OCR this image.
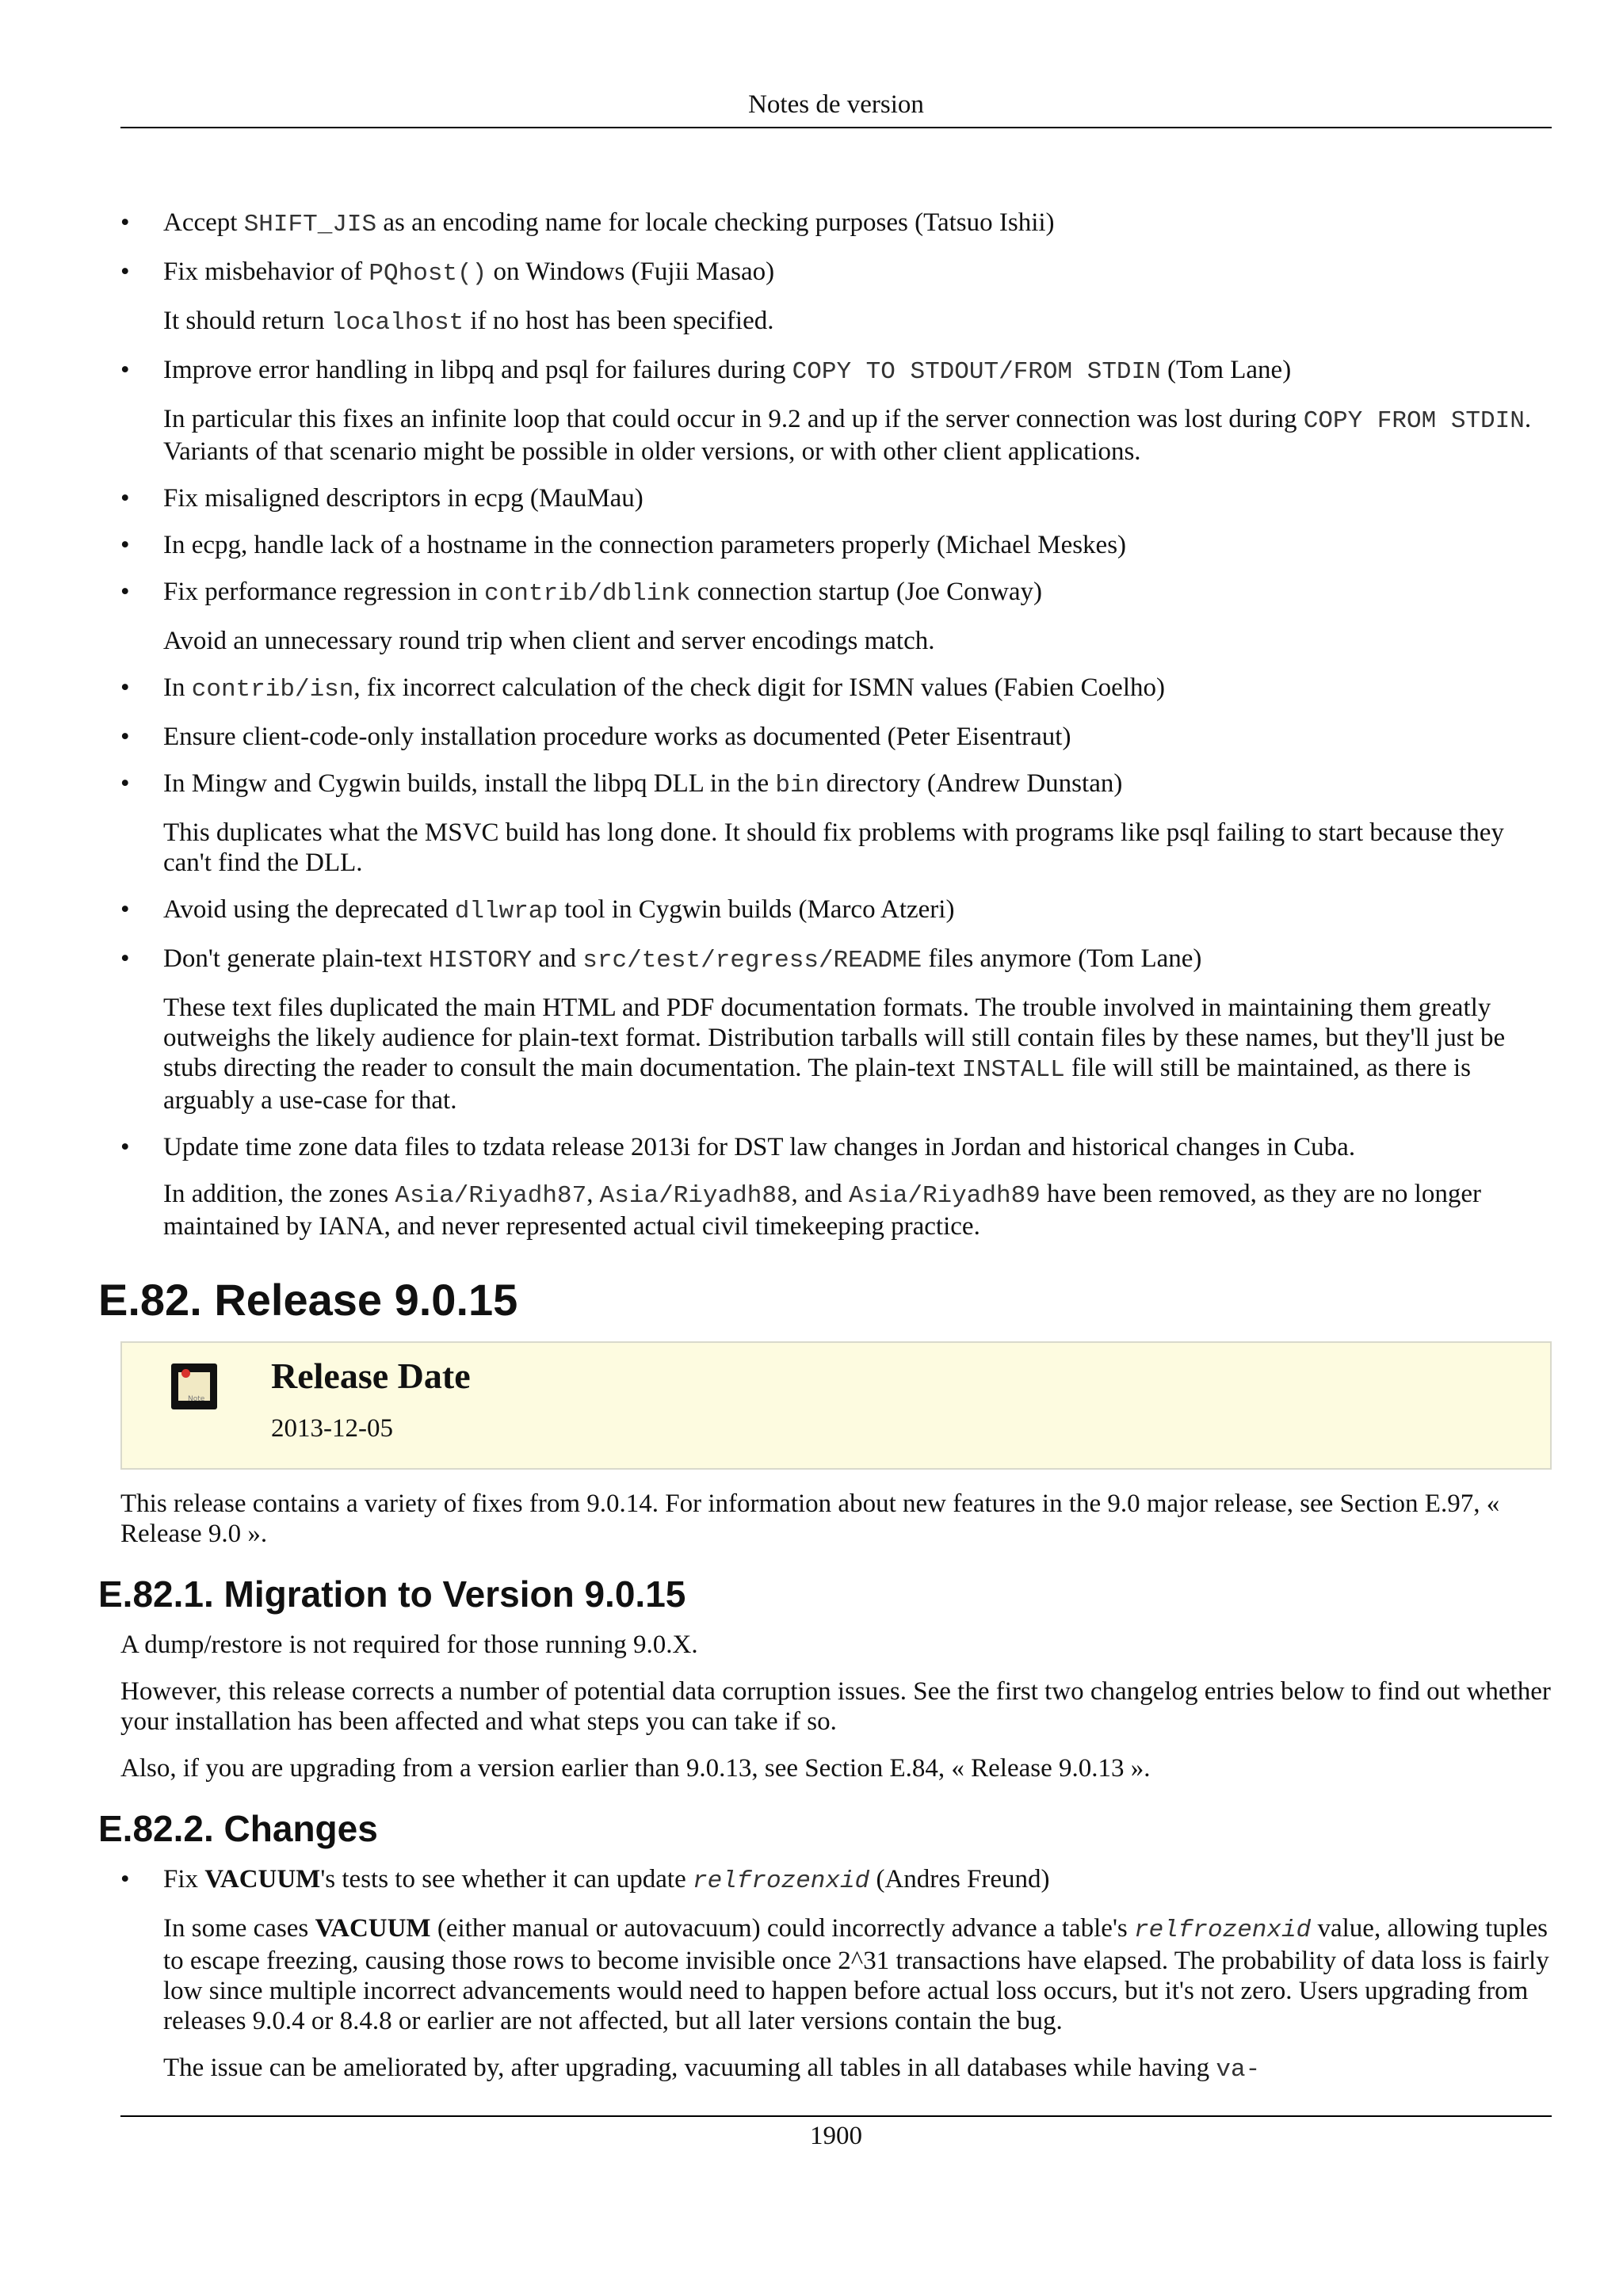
Notes de version
• Accept SHIFT_JIS as an encoding name for locale checking purposes (Tatsuo Ishii)
• Fix misbehavior of PQhost() on Windows (Fujii Masao)
It should return localhost if no host has been specified.
• Improve error handling in libpq and psql for failures during COPY TO STDOUT/FROM STDIN (Tom Lane)
In particular this fixes an infinite loop that could occur in 9.2 and up if the server connection was lost during COPY FROM STDIN. Variants of that scenario might be possible in older versions, or with other client applications.
• Fix misaligned descriptors in ecpg (MauMau)
• In ecpg, handle lack of a hostname in the connection parameters properly (Michael Meskes)
• Fix performance regression in contrib/dblink connection startup (Joe Conway)
Avoid an unnecessary round trip when client and server encodings match.
• In contrib/isn, fix incorrect calculation of the check digit for ISMN values (Fabien Coelho)
• Ensure client-code-only installation procedure works as documented (Peter Eisentraut)
• In Mingw and Cygwin builds, install the libpq DLL in the bin directory (Andrew Dunstan)
This duplicates what the MSVC build has long done. It should fix problems with programs like psql failing to start because they can't find the DLL.
• Avoid using the deprecated dllwrap tool in Cygwin builds (Marco Atzeri)
• Don't generate plain-text HISTORY and src/test/regress/README files anymore (Tom Lane)
These text files duplicated the main HTML and PDF documentation formats. The trouble involved in maintaining them greatly outweighs the likely audience for plain-text format. Distribution tarballs will still contain files by these names, but they'll just be stubs directing the reader to consult the main documentation. The plain-text INSTALL file will still be maintained, as there is arguably a use-case for that.
• Update time zone data files to tzdata release 2013i for DST law changes in Jordan and historical changes in Cuba.
In addition, the zones Asia/Riyadh87, Asia/Riyadh88, and Asia/Riyadh89 have been removed, as they are no longer maintained by IANA, and never represented actual civil timekeeping practice.
E.82. Release 9.0.15
Note
Release Date
2013-12-05

This release contains a variety of fixes from 9.0.14. For information about new features in the 9.0 major release, see Section E.97, « Release 9.0 ».

E.82.1. Migration to Version 9.0.15

A dump/restore is not required for those running 9.0.X.

However, this release corrects a number of potential data corruption issues. See the first two changelog entries below to find out whether your installation has been affected and what steps you can take if so.

Also, if you are upgrading from a version earlier than 9.0.13, see Section E.84, « Release 9.0.13 ».

E.82.2. Changes
• Fix VACUUM's tests to see whether it can update relfrozenxid (Andres Freund)
In some cases VACUUM (either manual or autovacuum) could incorrectly advance a table's relfrozenxid value, allowing tuples to escape freezing, causing those rows to become invisible once 2^31 transactions have elapsed. The probability of data loss is fairly low since multiple incorrect advancements would need to happen before actual loss occurs, but it's not zero. Users upgrading from releases 9.0.4 or 8.4.8 or earlier are not affected, but all later versions contain the bug.
The issue can be ameliorated by, after upgrading, vacuuming all tables in all databases while having va-
1900
